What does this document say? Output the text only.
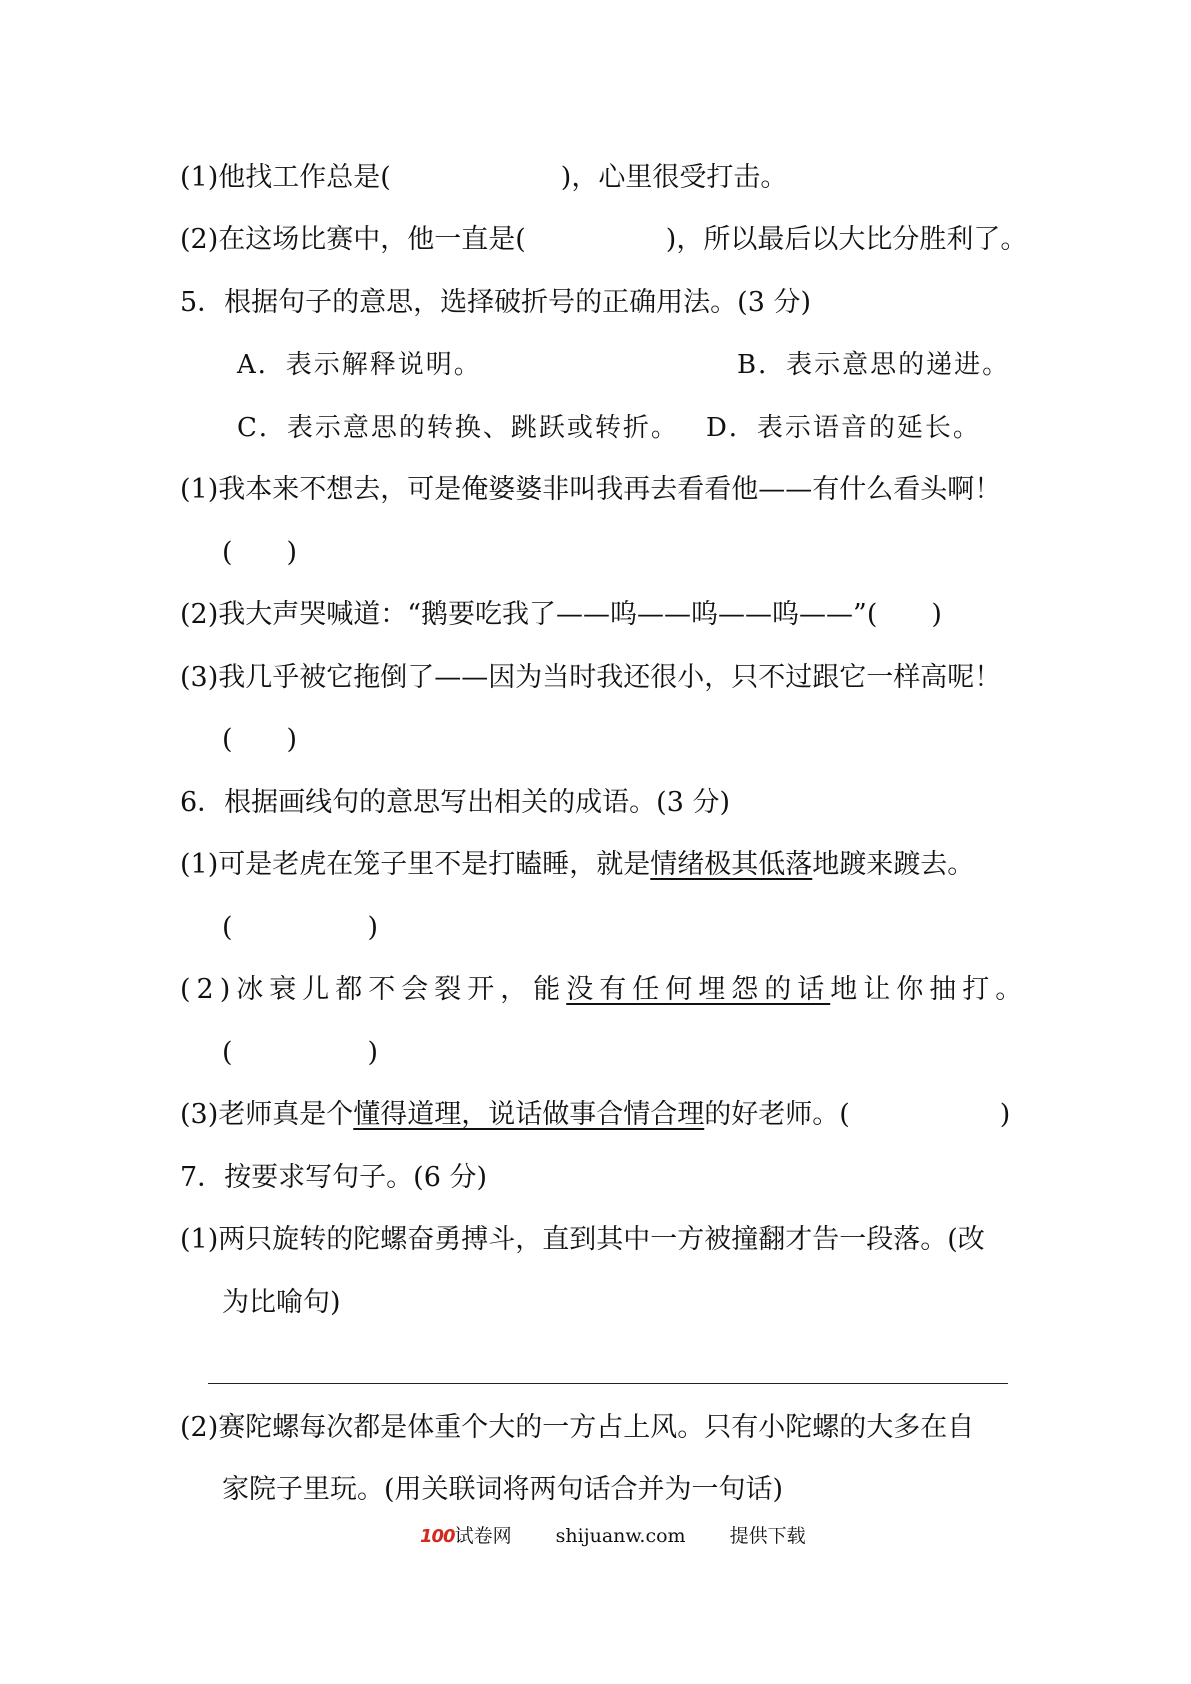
(1)他找工作总是(	)，心里很受打击。
(2)在这场比赛中，他一直是(	)，所以最后以大比分胜利了。
5．根据句子的意思，选择破折号的正确用法。(3 分)
A．表示解释说明。	B．表示意思的递进。
C．表示意思的转换、跳跃或转折。 D．表示语音的延长。
(1)我本来不想去，可是俺婆婆非叫我再去看看他——有什么看头啊！
(　　)
(2)我大声哭喊道：“鹅要吃我了——呜——呜——呜——”(　　)
(3)我几乎被它拖倒了——因为当时我还很小，只不过跟它一样高呢！
(　　)
6．根据画线句的意思写出相关的成语。(3 分)
(1)可是老虎在笼子里不是打瞌睡，就是情绪极其低落地踱来踱去。
(　　　　　)
(2)冰衰儿都不会裂开，能没有任何埋怨的话地让你抽打。
(　　　　　)
(3)老师真是个懂得道理，说话做事合情合理的好老师。(	)
7．按要求写句子。(6 分)
(1)两只旋转的陀螺奋勇搏斗，直到其中一方被撞翻才告一段落。(改
为比喻句)
(2)赛陀螺每次都是体重个大的一方占上风。只有小陀螺的大多在自
家院子里玩。(用关联词将两句话合并为一句话)
100试卷网 shijuanw.com 提供下载
